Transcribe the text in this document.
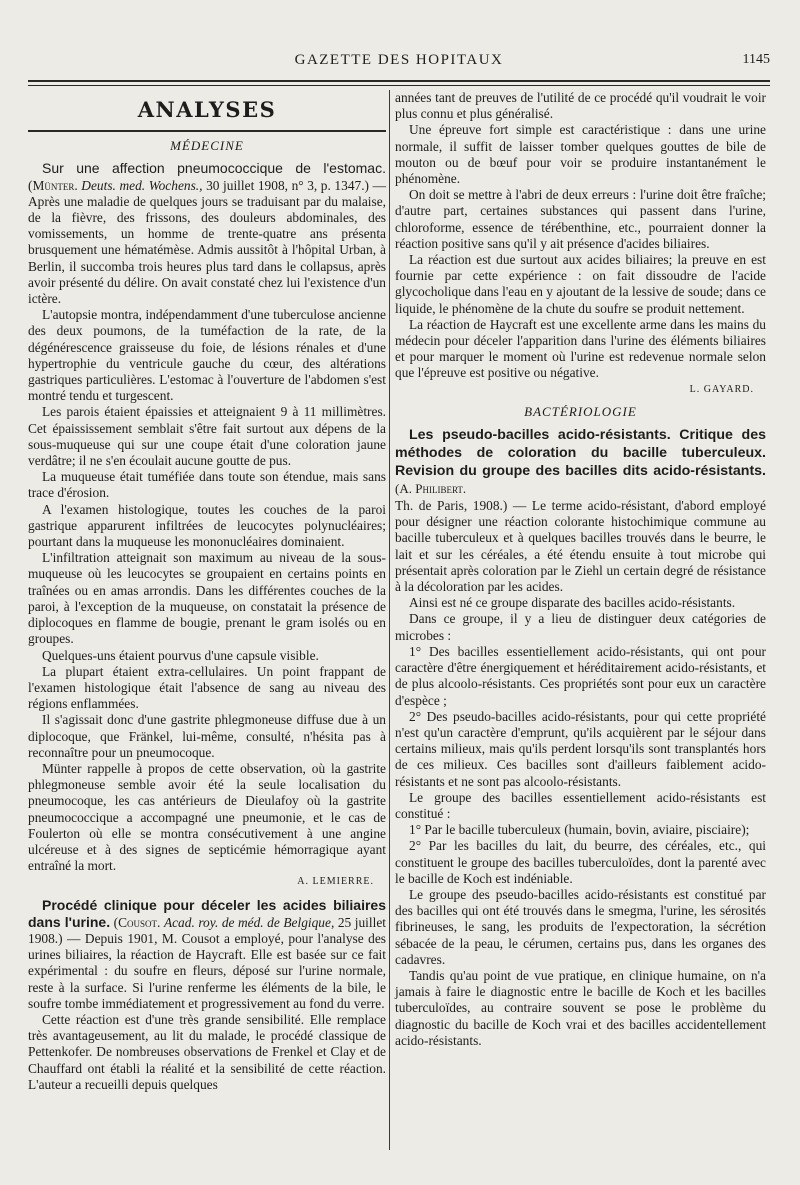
GAZETTE DES HOPITAUX	1145
ANALYSES
MÉDECINE

Sur une affection pneumococcique de l'estomac. (Münter. Deuts. med. Wochens., 30 juillet 1908, n° 3, p. 1347.) — Après une maladie de quelques jours se traduisant par du malaise, de la fièvre, des frissons, des douleurs abdominales, des vomissements, un homme de trente-quatre ans présenta brusquement une hématémèse. Admis aussitôt à l'hôpital Urban, à Berlin, il succomba trois heures plus tard dans le collapsus, après avoir présenté du délire. On avait constaté chez lui l'existence d'un ictère.

L'autopsie montra, indépendamment d'une tuberculose ancienne des deux poumons, de la tuméfaction de la rate, de la dégénérescence graisseuse du foie, de lésions rénales et d'une hypertrophie du ventricule gauche du cœur, des altérations gastriques particulières. L'estomac à l'ouverture de l'abdomen s'est montré tendu et turgescent.

Les parois étaient épaissies et atteignaient 9 à 11 millimètres. Cet épaississement semblait s'être fait surtout aux dépens de la sous-muqueuse qui sur une coupe était d'une coloration jaune verdâtre; il ne s'en écoulait aucune goutte de pus.

La muqueuse était tuméfiée dans toute son étendue, mais sans trace d'érosion.

A l'examen histologique, toutes les couches de la paroi gastrique apparurent infiltrées de leucocytes polynucléaires; pourtant dans la muqueuse les mononucléaires dominaient.

L'infiltration atteignait son maximum au niveau de la sous-muqueuse où les leucocytes se groupaient en certains points en traînées ou en amas arrondis. Dans les différentes couches de la paroi, à l'exception de la muqueuse, on constatait la présence de diplocoques en flamme de bougie, prenant le gram isolés ou en groupes.

Quelques-uns étaient pourvus d'une capsule visible.

La plupart étaient extra-cellulaires. Un point frappant de l'examen histologique était l'absence de sang au niveau des régions enflammées.

Il s'agissait donc d'une gastrite phlegmoneuse diffuse due à un diplocoque, que Fränkel, lui-même, consulté, n'hésita pas à reconnaître pour un pneumocoque.

Münter rappelle à propos de cette observation, où la gastrite phlegmoneuse semble avoir été la seule localisation du pneumocoque, les cas antérieurs de Dieulafoy où la gastrite pneumococcique a accompagné une pneumonie, et le cas de Foulerton où elle se montra consécutivement à une angine ulcéreuse et à des signes de septicémie hémorragique ayant entraîné la mort.

A. LEMIERRE.

Procédé clinique pour déceler les acides biliaires dans l'urine. (Cousot. Acad. roy. de méd. de Belgique, 25 juillet 1908.) — Depuis 1901, M. Cousot a employé, pour l'analyse des urines biliaires, la réaction de Haycraft. Elle est basée sur ce fait expérimental : du soufre en fleurs, déposé sur l'urine normale, reste à la surface. Si l'urine renferme les éléments de la bile, le soufre tombe immédiatement et progressivement au fond du verre.

Cette réaction est d'une très grande sensibilité. Elle remplace très avantageusement, au lit du malade, le procédé classique de Pettenkofer. De nombreuses observations de Frenkel et Clay et de Chauffard ont établi la réalité et la sensibilité de cette réaction. L'auteur a recueilli depuis quelques

années tant de preuves de l'utilité de ce procédé qu'il voudrait le voir plus connu et plus généralisé.

Une épreuve fort simple est caractéristique : dans une urine normale, il suffit de laisser tomber quelques gouttes de bile de mouton ou de bœuf pour voir se produire instantanément le phénomène.

On doit se mettre à l'abri de deux erreurs : l'urine doit être fraîche; d'autre part, certaines substances qui passent dans l'urine, chloroforme, essence de térébenthine, etc., pourraient donner la réaction positive sans qu'il y ait présence d'acides biliaires.

La réaction est due surtout aux acides biliaires; la preuve en est fournie par cette expérience : on fait dissoudre de l'acide glycocholique dans l'eau en y ajoutant de la lessive de soude; dans ce liquide, le phénomène de la chute du soufre se produit nettement.

La réaction de Haycraft est une excellente arme dans les mains du médecin pour déceler l'apparition dans l'urine des éléments biliaires et pour marquer le moment où l'urine est redevenue normale selon que l'épreuve est positive ou négative.

L. GAYARD.
BACTÉRIOLOGIE
Les pseudo-bacilles acido-résistants. Critique des méthodes de coloration du bacille tuberculeux. Revision du groupe des bacilles dits acido-résistants. (A. Philibert.

Th. de Paris, 1908.) — Le terme acido-résistant, d'abord employé pour désigner une réaction colorante histochimique commune au bacille tuberculeux et à quelques bacilles trouvés dans le beurre, le lait et sur les céréales, a été étendu ensuite à tout microbe qui présentait après coloration par le Ziehl un certain degré de résistance à la décoloration par les acides.

Ainsi est né ce groupe disparate des bacilles acido-résistants.

Dans ce groupe, il y a lieu de distinguer deux catégories de microbes :

1° Des bacilles essentiellement acido-résistants, qui ont pour caractère d'être énergiquement et héréditairement acido-résistants, et de plus alcoolo-résistants. Ces propriétés sont pour eux un caractère d'espèce ;

2° Des pseudo-bacilles acido-résistants, pour qui cette propriété n'est qu'un caractère d'emprunt, qu'ils acquièrent par le séjour dans certains milieux, mais qu'ils perdent lorsqu'ils sont transplantés hors de ces milieux. Ces bacilles sont d'ailleurs faiblement acido-résistants et ne sont pas alcoolo-résistants.

Le groupe des bacilles essentiellement acido-résistants est constitué :

1° Par le bacille tuberculeux (humain, bovin, aviaire, pisciaire);

2° Par les bacilles du lait, du beurre, des céréales, etc., qui constituent le groupe des bacilles tuberculoïdes, dont la parenté avec le bacille de Koch est indéniable.

Le groupe des pseudo-bacilles acido-résistants est constitué par des bacilles qui ont été trouvés dans le smegma, l'urine, les sérosités fibrineuses, le sang, les produits de l'expectoration, la sécrétion sébacée de la peau, le cérumen, certains pus, dans les organes des cadavres.

Tandis qu'au point de vue pratique, en clinique humaine, on n'a jamais à faire le diagnostic entre le bacille de Koch et les bacilles tuberculoïdes, au contraire souvent se pose le problème du diagnostic du bacille de Koch vrai et des bacilles accidentellement acido-résistants.
